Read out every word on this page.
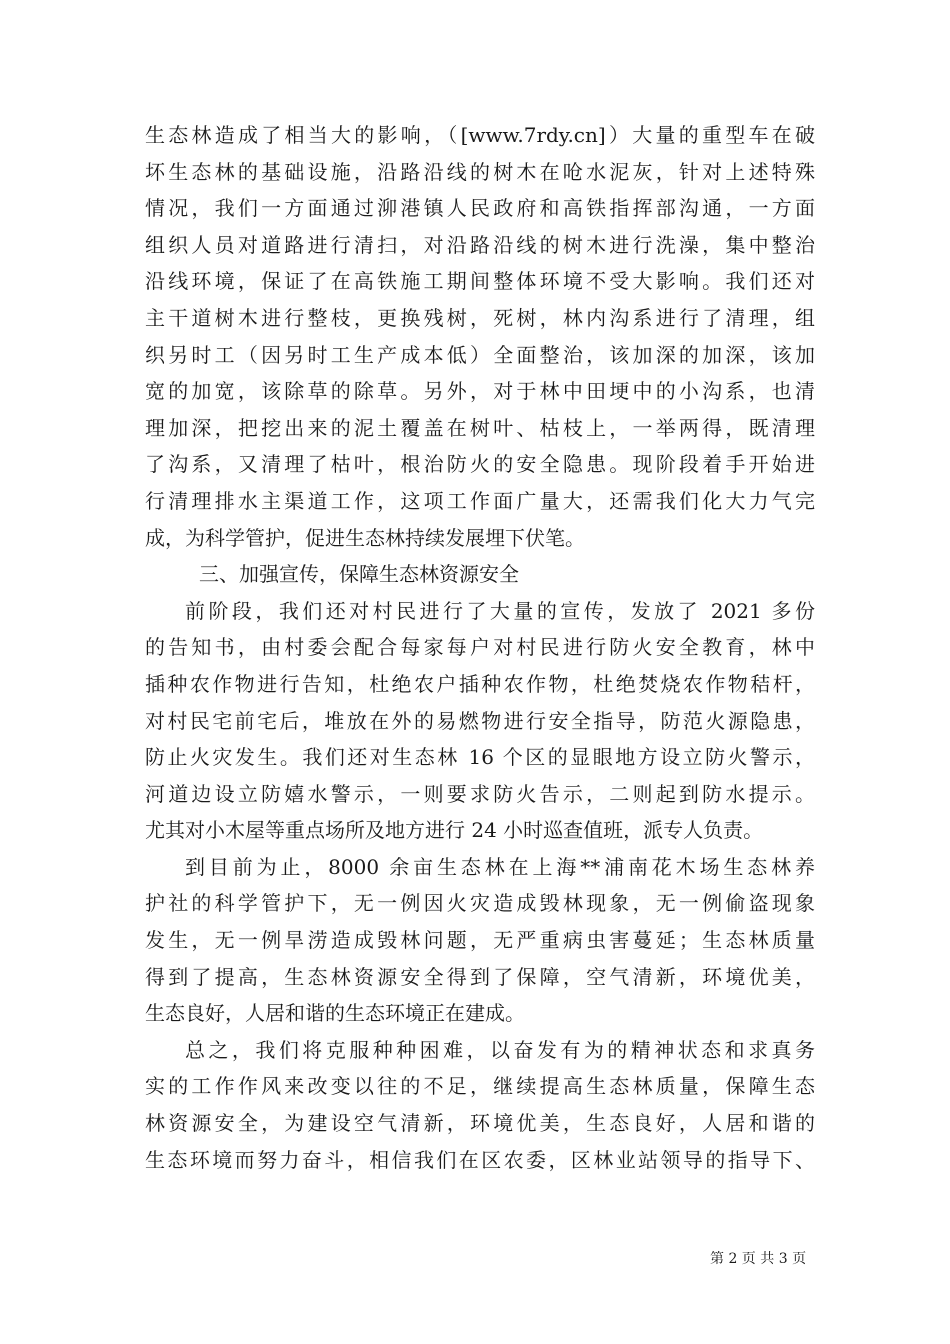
生态林造成了相当大的影响，（[www.7rdy.cn]）大量的重型车在破
坏生态林的基础设施，沿路沿线的树木在呛水泥灰，针对上述特殊
情况，我们一方面通过泖港镇人民政府和高铁指挥部沟通，一方面
组织人员对道路进行清扫，对沿路沿线的树木进行洗澡，集中整治
沿线环境，保证了在高铁施工期间整体环境不受大影响。我们还对
主干道树木进行整枝，更换残树，死树，林内沟系进行了清理，组
织另时工（因另时工生产成本低）全面整治，该加深的加深，该加
宽的加宽，该除草的除草。另外，对于林中田埂中的小沟系，也清
理加深，把挖出来的泥土覆盖在树叶、枯枝上，一举两得，既清理
了沟系，又清理了枯叶，根治防火的安全隐患。现阶段着手开始进
行清理排水主渠道工作，这项工作面广量大，还需我们化大力气完
成，为科学管护，促进生态林持续发展埋下伏笔。
三、加强宣传，保障生态林资源安全
前阶段，我们还对村民进行了大量的宣传，发放了 2021 多份
的告知书，由村委会配合每家每户对村民进行防火安全教育，林中
插种农作物进行告知，杜绝农户插种农作物，杜绝焚烧农作物秸杆，
对村民宅前宅后，堆放在外的易燃物进行安全指导，防范火源隐患，
防止火灾发生。我们还对生态林 16 个区的显眼地方设立防火警示，
河道边设立防嬉水警示，一则要求防火告示，二则起到防水提示。
尤其对小木屋等重点场所及地方进行 24 小时巡查值班，派专人负责。
到目前为止，8000 余亩生态林在上海**浦南花木场生态林养
护社的科学管护下，无一例因火灾造成毁林现象，无一例偷盗现象
发生，无一例旱涝造成毁林问题，无严重病虫害蔓延；生态林质量
得到了提高，生态林资源安全得到了保障，空气清新，环境优美，
生态良好，人居和谐的生态环境正在建成。
总之，我们将克服种种困难，以奋发有为的精神状态和求真务
实的工作作风来改变以往的不足，继续提高生态林质量，保障生态
林资源安全，为建设空气清新，环境优美，生态良好，人居和谐的
生态环境而努力奋斗，相信我们在区农委，区林业站领导的指导下、
第 2 页 共 3 页
